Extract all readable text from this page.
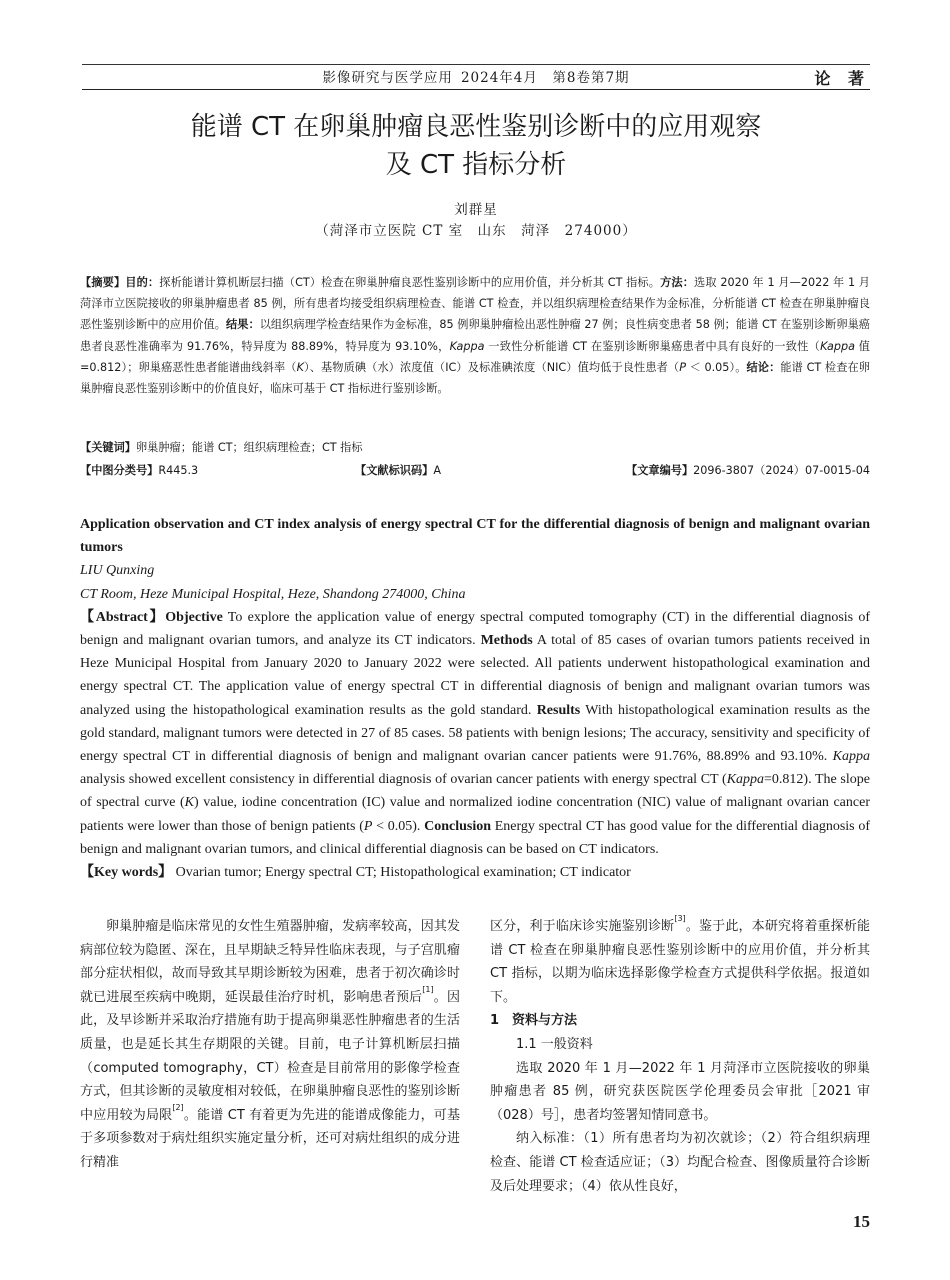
影像研究与医学应用 2024年4月　第8卷第7期	论 著
能谱 CT 在卵巢肿瘤良恶性鉴别诊断中的应用观察
及 CT 指标分析
刘群星
（菏泽市立医院 CT 室　山东　菏泽　274000）
【摘要】目的：探析能谱计算机断层扫描（CT）检查在卵巢肿瘤良恶性鉴别诊断中的应用价值，并分析其 CT 指标。方法：选取 2020 年 1 月—2022 年 1 月菏泽市立医院接收的卵巢肿瘤患者 85 例，所有患者均接受组织病理检查、能谱 CT 检查，并以组织病理检查结果作为金标准，分析能谱 CT 检查在卵巢肿瘤良恶性鉴别诊断中的应用价值。结果：以组织病理学检查结果作为金标准，85 例卵巢肿瘤检出恶性肿瘤 27 例；良性病变患者 58 例；能谱 CT 在鉴别诊断卵巢癌患者良恶性准确率为 91.76%，特异度为 88.89%，特异度为 93.10%，Kappa 一致性分析能谱 CT 在鉴别诊断卵巢癌患者中具有良好的一致性（Kappa 值 =0.812）；卵巢癌恶性患者能谱曲线斜率（K）、基物质碘（水）浓度值（IC）及标准碘浓度（NIC）值均低于良性患者（P ＜ 0.05）。结论：能谱 CT 检查在卵巢肿瘤良恶性鉴别诊断中的价值良好，临床可基于 CT 指标进行鉴别诊断。
【关键词】卵巢肿瘤；能谱 CT；组织病理检查；CT 指标
【中图分类号】R445.3	【文献标识码】A	【文章编号】2096-3807（2024）07-0015-04
Application observation and CT index analysis of energy spectral CT for the differential diagnosis of benign and malignant ovarian tumors
LIU Qunxing
CT Room, Heze Municipal Hospital, Heze, Shandong 274000, China
【Abstract】Objective To explore the application value of energy spectral computed tomography (CT) in the differential diagnosis of benign and malignant ovarian tumors, and analyze its CT indicators. Methods A total of 85 cases of ovarian tumors patients received in Heze Municipal Hospital from January 2020 to January 2022 were selected. All patients underwent histopathological examination and energy spectral CT. The application value of energy spectral CT in differential diagnosis of benign and malignant ovarian tumors was analyzed using the histopathological examination results as the gold standard. Results With histopathological examination results as the gold standard, malignant tumors were detected in 27 of 85 cases. 58 patients with benign lesions; The accuracy, sensitivity and specificity of energy spectral CT in differential diagnosis of benign and malignant ovarian cancer patients were 91.76%, 88.89% and 93.10%. Kappa analysis showed excellent consistency in differential diagnosis of ovarian cancer patients with energy spectral CT (Kappa=0.812). The slope of spectral curve (K) value, iodine concentration (IC) value and normalized iodine concentration (NIC) value of malignant ovarian cancer patients were lower than those of benign patients (P < 0.05). Conclusion Energy spectral CT has good value for the differential diagnosis of benign and malignant ovarian tumors, and clinical differential diagnosis can be based on CT indicators.
【Key words】 Ovarian tumor; Energy spectral CT; Histopathological examination; CT indicator

卵巢肿瘤是临床常见的女性生殖器肿瘤，发病率较高，因其发病部位较为隐匿、深在，且早期缺乏特异性临床表现，与子宫肌瘤部分症状相似，故而导致其早期诊断较为困难，患者于初次确诊时就已进展至疾病中晚期，延误最佳治疗时机，影响患者预后[1]。因此，及早诊断并采取治疗措施有助于提高卵巢恶性肿瘤患者的生活质量，也是延长其生存期限的关键。目前，电子计算机断层扫描（computed tomography，CT）检查是目前常用的影像学检查方式，但其诊断的灵敏度相对较低，在卵巢肿瘤良恶性的鉴别诊断中应用较为局限[2]。能谱 CT 有着更为先进的能谱成像能力，可基于多项参数对于病灶组织实施定量分析，还可对病灶组织的成分进行精准

区分，利于临床诊实施鉴别诊断[3]。鉴于此，本研究将着重探析能谱 CT 检查在卵巢肿瘤良恶性鉴别诊断中的应用价值，并分析其 CT 指标，以期为临床选择影像学检查方式提供科学依据。报道如下。

1　资料与方法

1.1 一般资料

选取 2020 年 1 月—2022 年 1 月菏泽市立医院接收的卵巢肿瘤患者 85 例，研究获医院医学伦理委员会审批［2021 审（028）号］，患者均签署知情同意书。

纳入标准：（1）所有患者均为初次就诊；（2）符合组织病理检查、能谱 CT 检查适应证；（3）均配合检查、图像质量符合诊断及后处理要求；（4）依从性良好，

15
